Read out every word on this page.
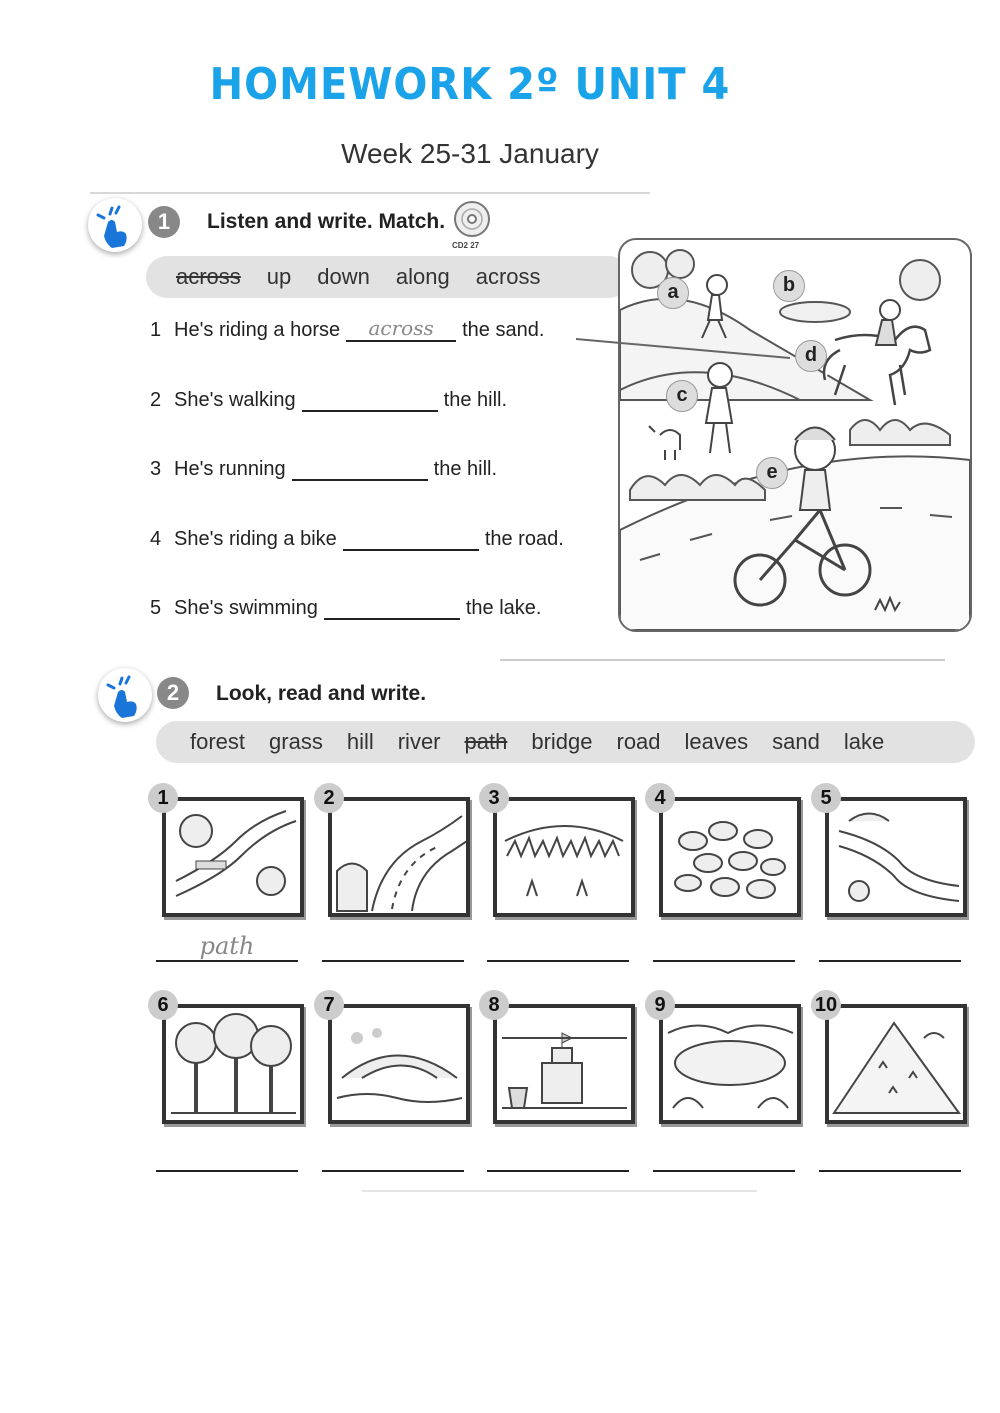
HOMEWORK 2º UNIT 4
Week 25-31 January
1	Listen and write. Match.
CD2 27
across up down along across
1 He's riding a horse	across	the sand.
2 She's walking	the hill.
3 He's running	the hill.
4 She's riding a bike	the road.
5 She's swimming	the lake.
a	b
c
d
e
2	Look, read and write.
forest grass hill river path bridge road leaves sand lake
1
path
2	3	4	5
6	7	8	9	10
